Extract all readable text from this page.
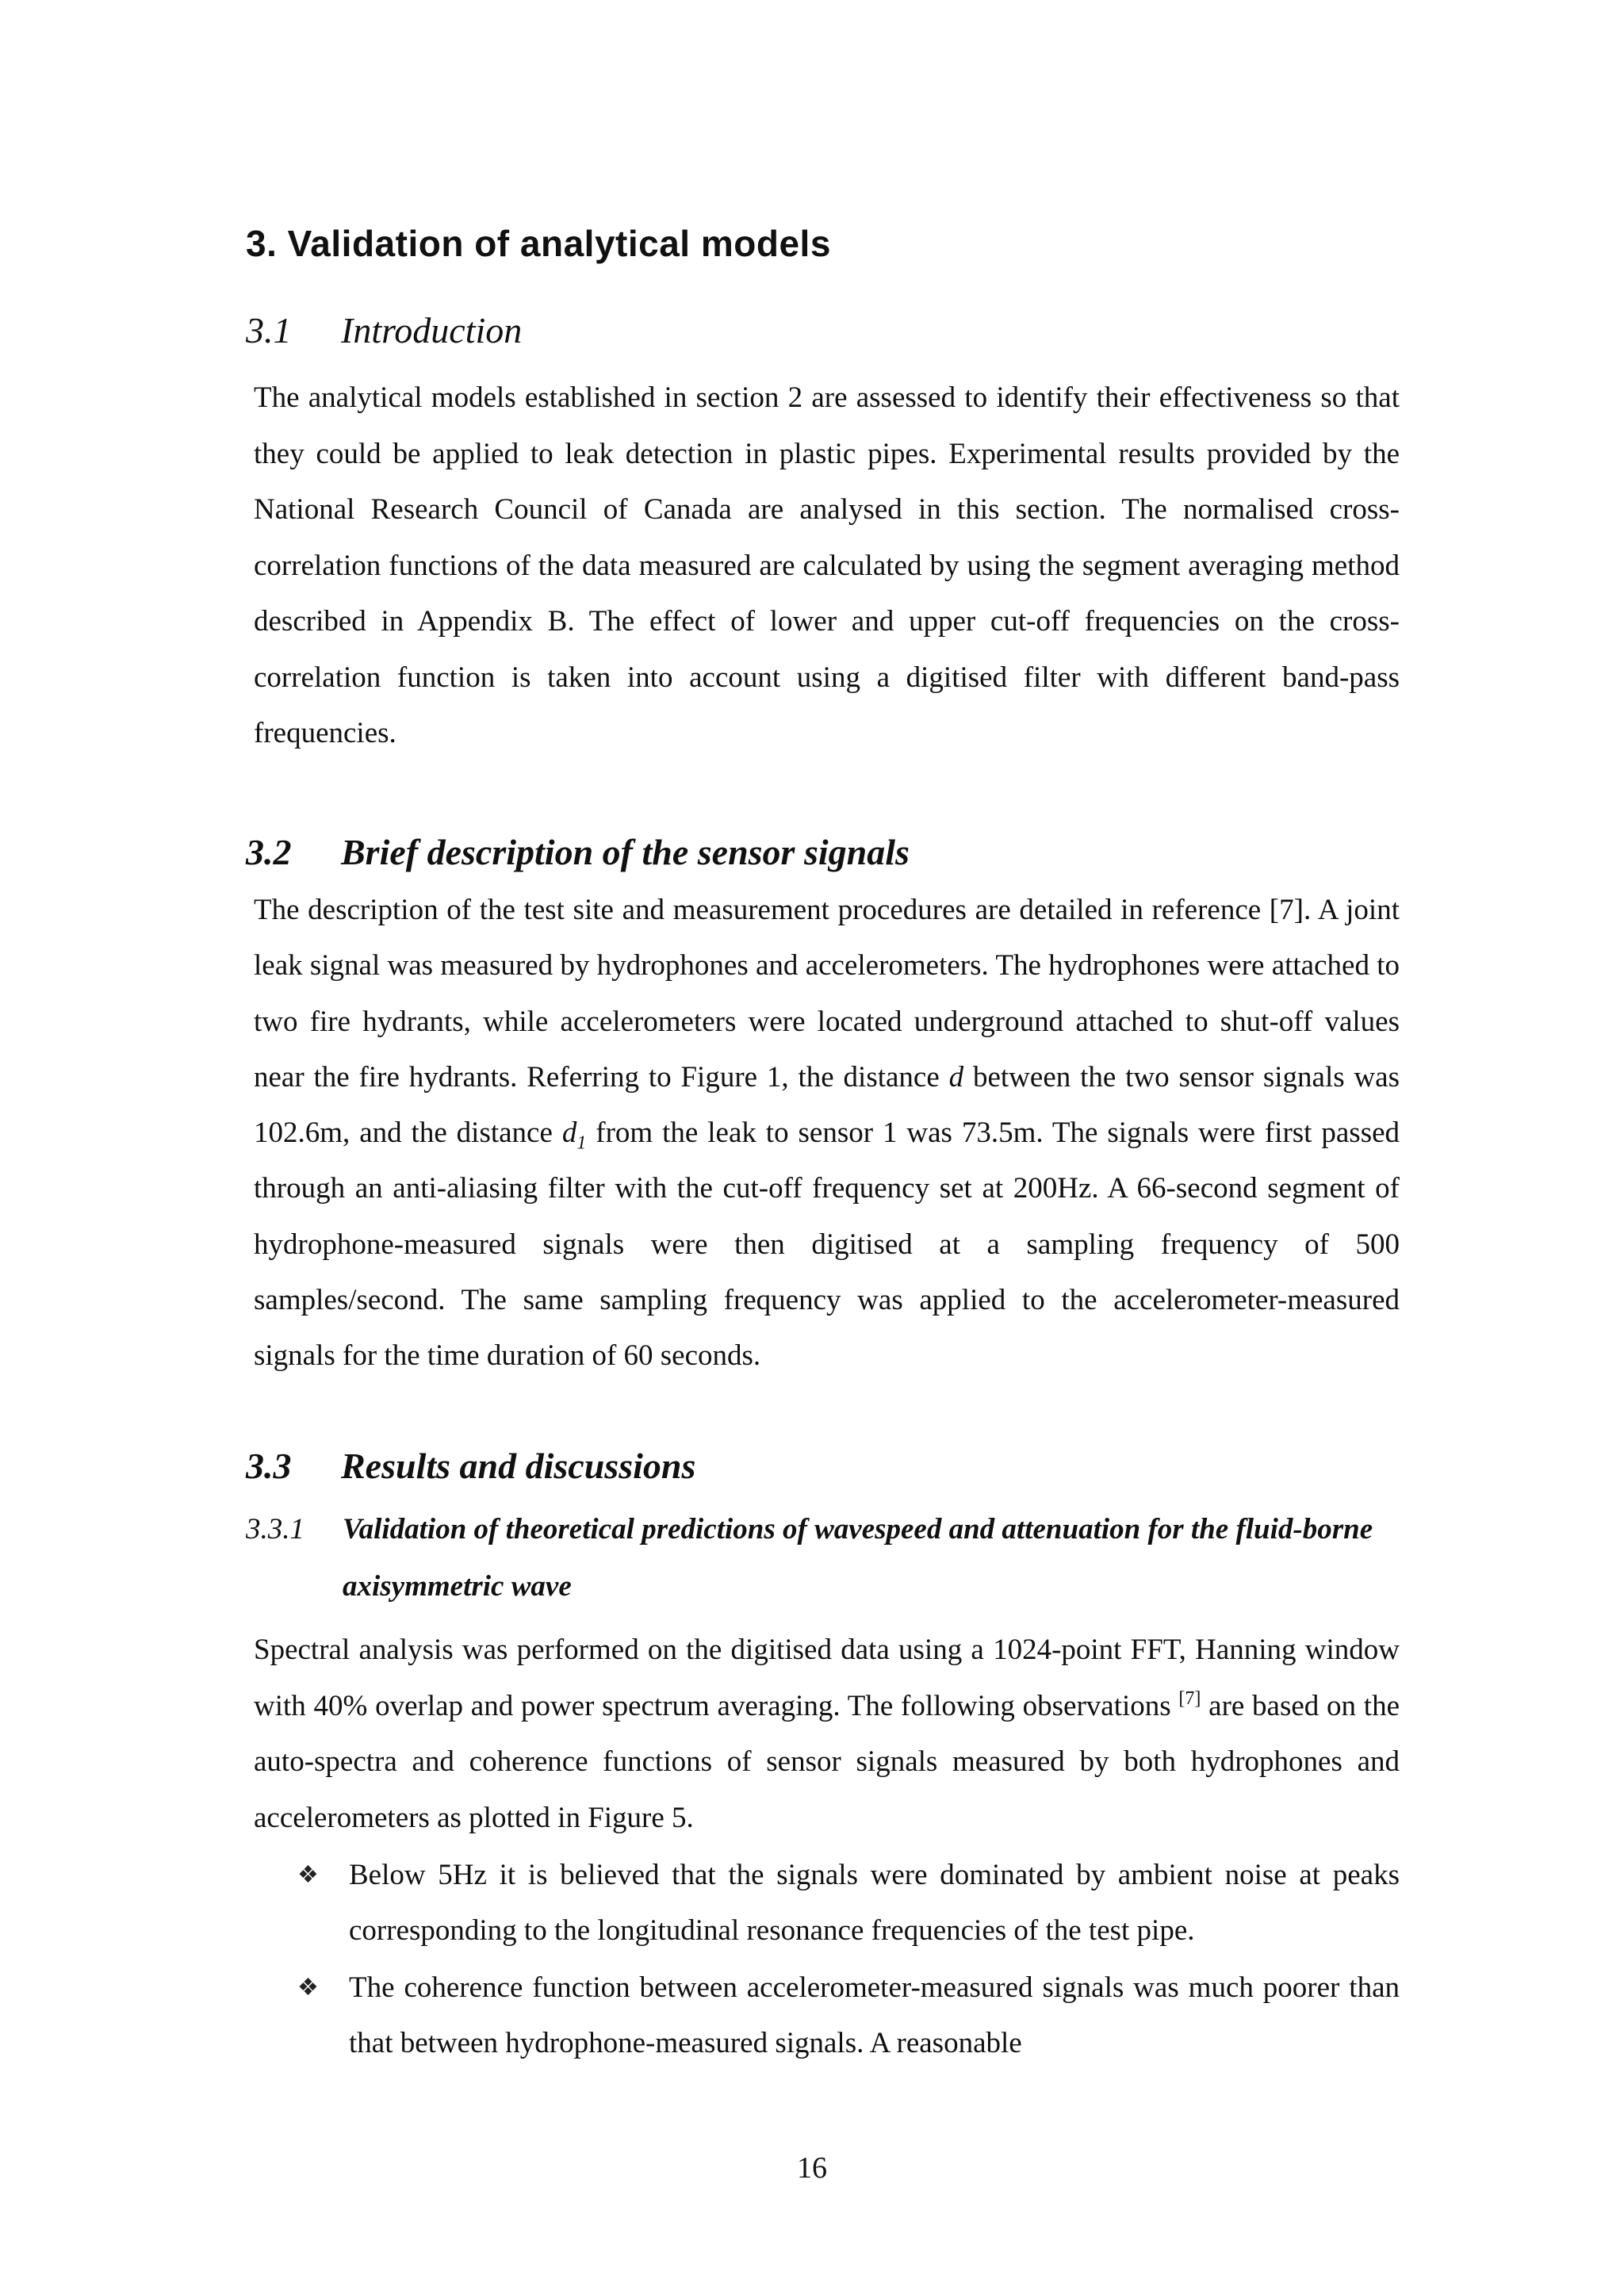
3. Validation of analytical models
3.1 Introduction

The analytical models established in section 2 are assessed to identify their effectiveness so that they could be applied to leak detection in plastic pipes. Experimental results provided by the National Research Council of Canada are analysed in this section. The normalised cross-correlation functions of the data measured are calculated by using the segment averaging method described in Appendix B. The effect of lower and upper cut-off frequencies on the cross-correlation function is taken into account using a digitised filter with different band-pass frequencies.

3.2 Brief description of the sensor signals

The description of the test site and measurement procedures are detailed in reference [7]. A joint leak signal was measured by hydrophones and accelerometers. The hydrophones were attached to two fire hydrants, while accelerometers were located underground attached to shut-off values near the fire hydrants. Referring to Figure 1, the distance d between the two sensor signals was 102.6m, and the distance $d_1$ from the leak to sensor 1 was 73.5m. The signals were first passed through an anti-aliasing filter with the cut-off frequency set at 200Hz. A 66-second segment of hydrophone-measured signals were then digitised at a sampling frequency of 500 samples/second. The same sampling frequency was applied to the accelerometer-measured signals for the time duration of 60 seconds.

3.3 Results and discussions
3.3.1 Validation of theoretical predictions of wavespeed and attenuation for the fluid-borne axisymmetric wave

Spectral analysis was performed on the digitised data using a 1024-point FFT, Hanning window with 40% overlap and power spectrum averaging. The following observations [7] are based on the auto-spectra and coherence functions of sensor signals measured by both hydrophones and accelerometers as plotted in Figure 5.

❖ Below 5Hz it is believed that the signals were dominated by ambient noise at peaks corresponding to the longitudinal resonance frequencies of the test pipe.
❖ The coherence function between accelerometer-measured signals was much poorer than that between hydrophone-measured signals. A reasonable
16
